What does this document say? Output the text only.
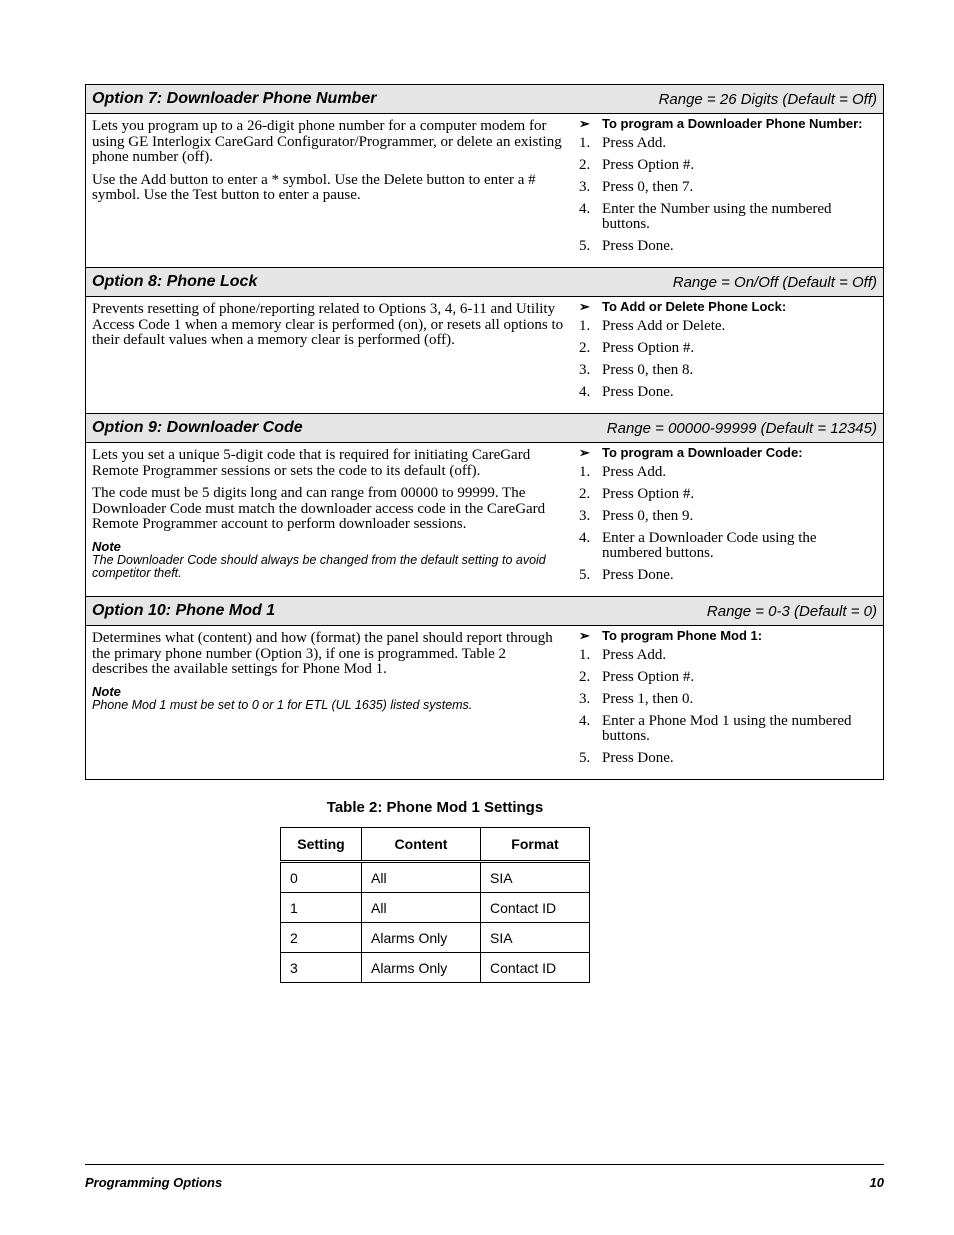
Option 7: Downloader Phone Number	Range = 26 Digits (Default = Off)

Lets you program up to a 26-digit phone number for a computer modem for using GE Interlogix CareGard Configurator/Programmer, or delete an existing phone number (off).

Use the Add button to enter a * symbol. Use the Delete button to enter a # symbol. Use the Test button to enter a pause.

➢ To program a Downloader Phone Number:
1. Press Add.
2. Press Option #.
3. Press 0, then 7.
4. Enter the Number using the numbered buttons.
5. Press Done.
Option 8: Phone Lock	Range = On/Off (Default = Off)

Prevents resetting of phone/reporting related to Options 3, 4, 6-11 and Utility Access Code 1 when a memory clear is performed (on), or resets all options to their default values when a memory clear is performed (off).

➢ To Add or Delete Phone Lock:
1. Press Add or Delete.
2. Press Option #.
3. Press 0, then 8.
4. Press Done.
Option 9: Downloader Code	Range = 00000-99999 (Default = 12345)

Lets you set a unique 5-digit code that is required for initiating CareGard Remote Programmer sessions or sets the code to its default (off).

The code must be 5 digits long and can range from 00000 to 99999. The Downloader Code must match the downloader access code in the CareGard Remote Programmer account to perform downloader sessions.

Note
The Downloader Code should always be changed from the default setting to avoid competitor theft.
➢ To program a Downloader Code:
1. Press Add.
2. Press Option #.
3. Press 0, then 9.
4. Enter a Downloader Code using the numbered buttons.
5. Press Done.
Option 10: Phone Mod 1	Range = 0-3 (Default = 0)

Determines what (content) and how (format) the panel should report through the primary phone number (Option 3), if one is programmed. Table 2 describes the available settings for Phone Mod 1.

Note
Phone Mod 1 must be set to 0 or 1 for ETL (UL 1635) listed systems.
➢ To program Phone Mod 1:
1. Press Add.
2. Press Option #.
3. Press 1, then 0.
4. Enter a Phone Mod 1 using the numbered buttons.
5. Press Done.
Table 2: Phone Mod 1 Settings
Setting	Content	Format
0	All	SIA
1	All	Contact ID
2	Alarms Only	SIA
3	Alarms Only	Contact ID
Programming Options	10
